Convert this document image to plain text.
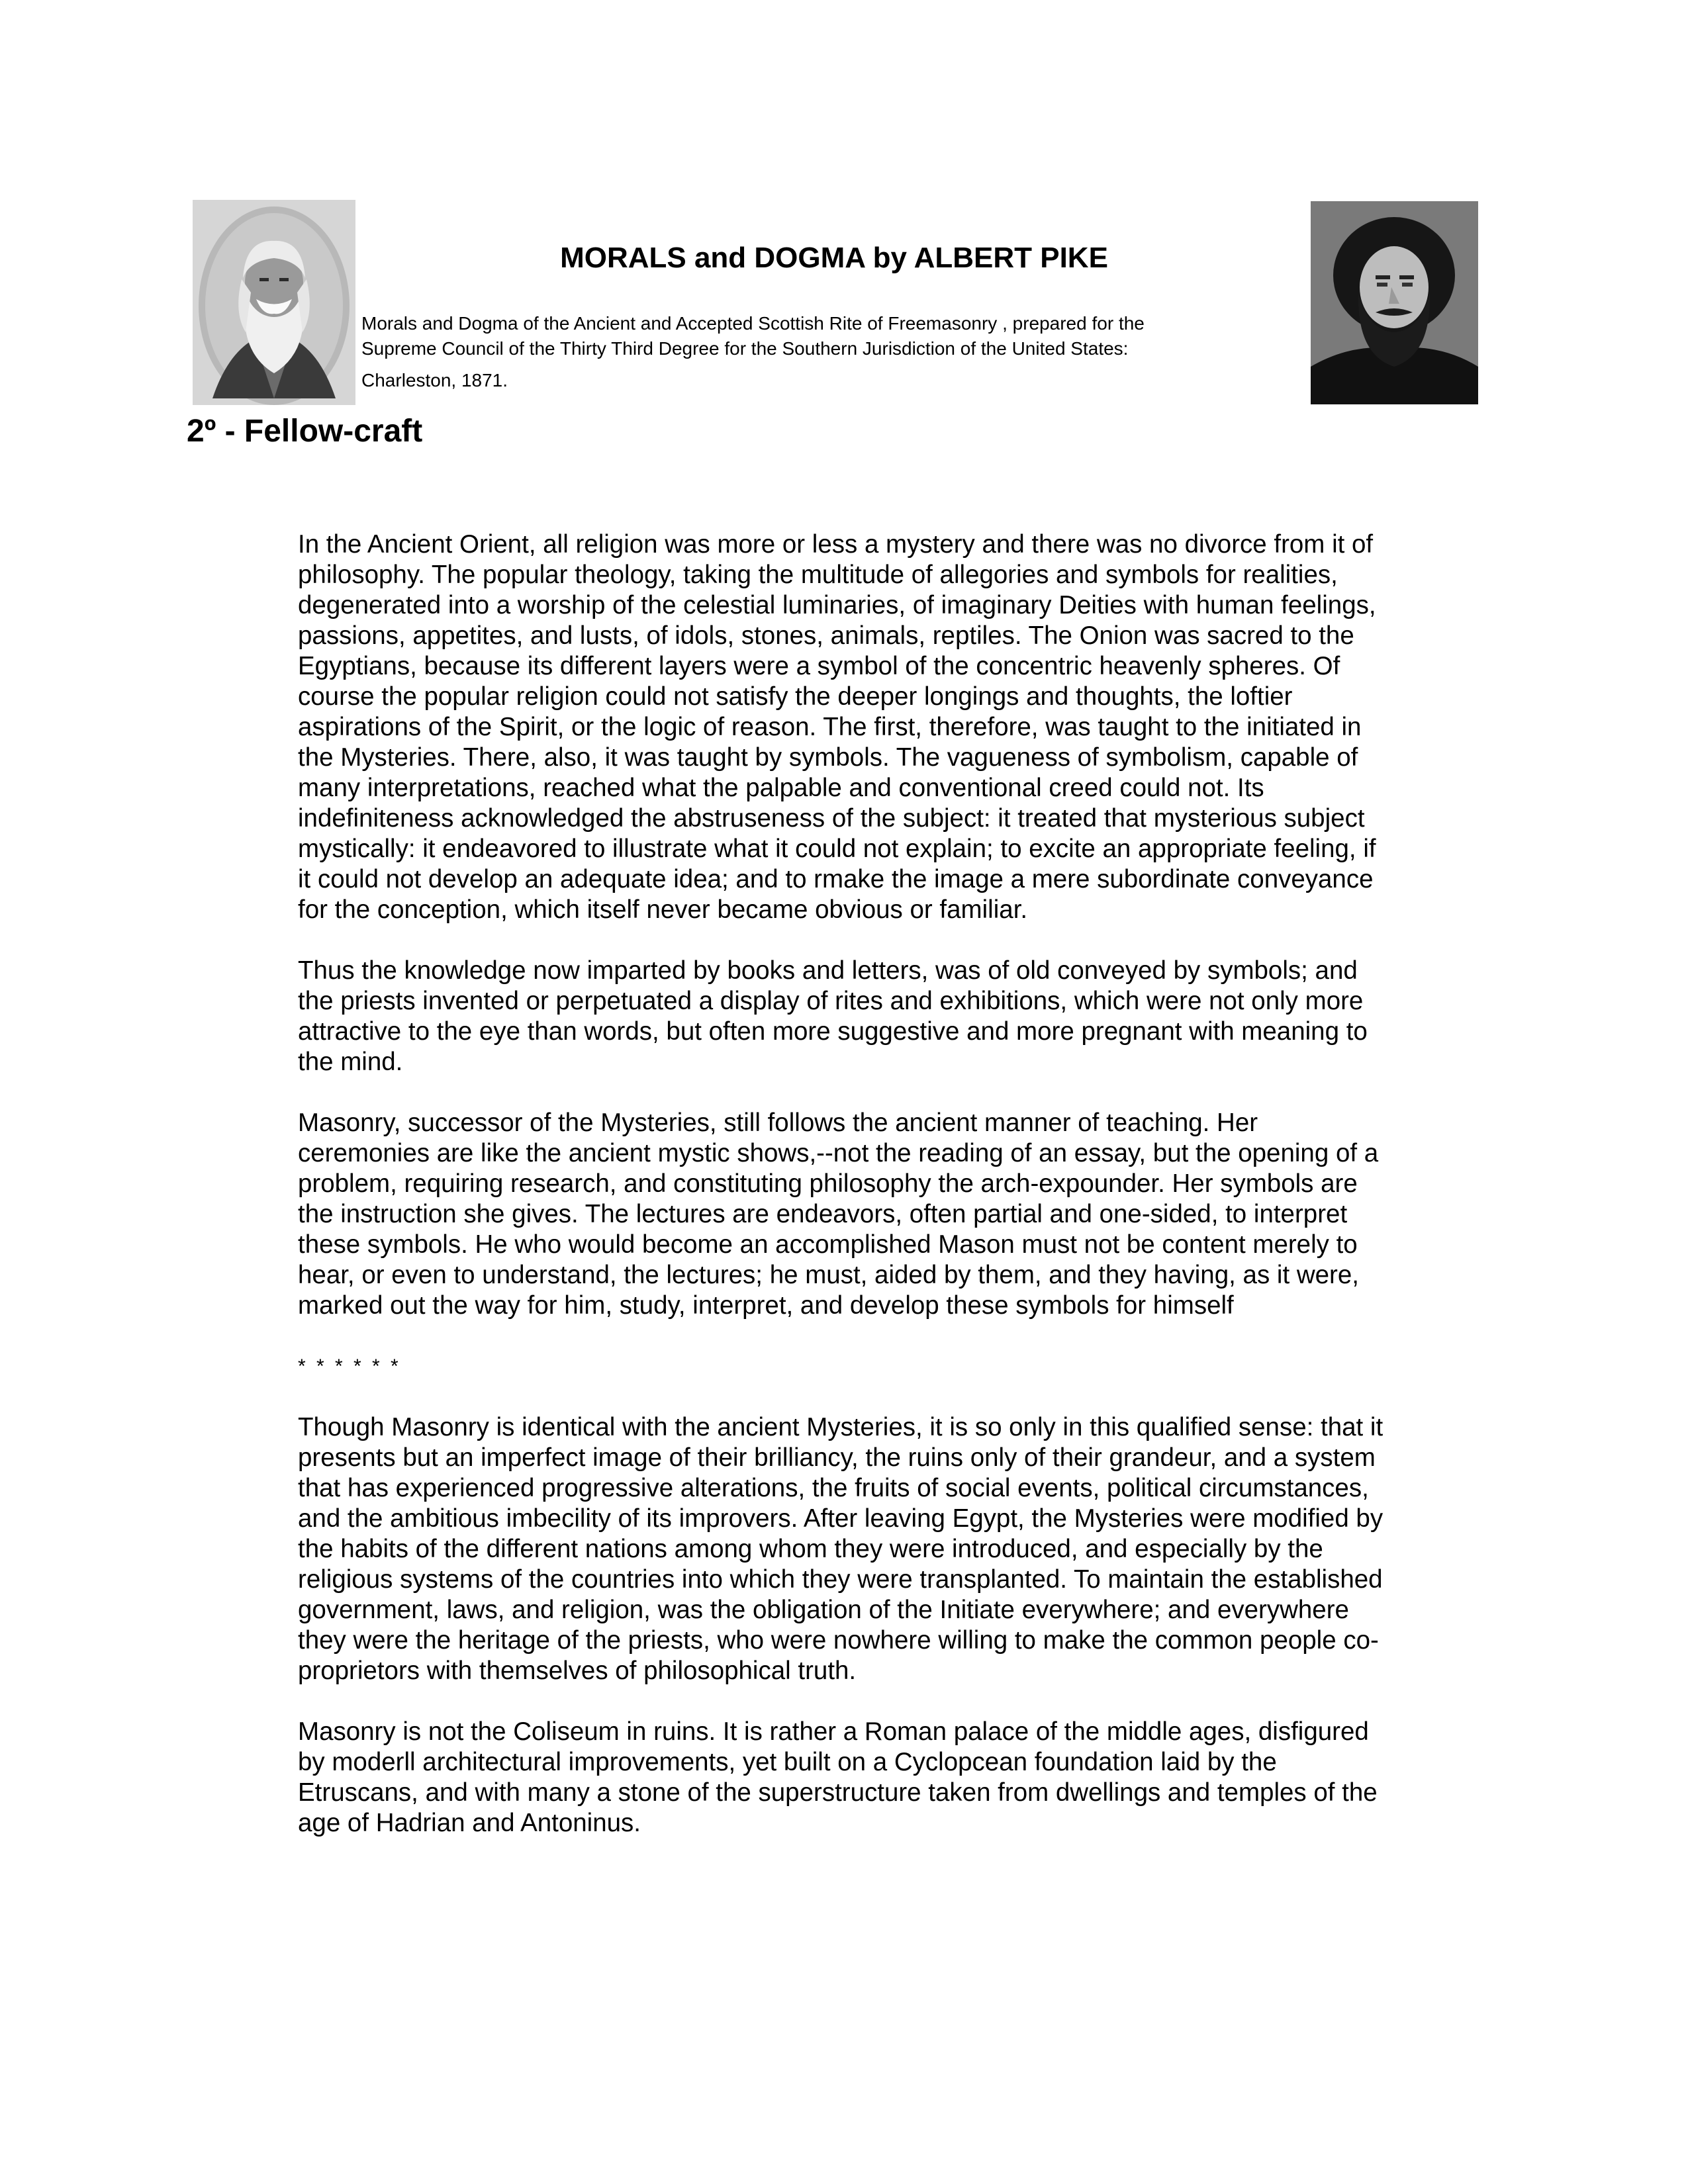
MORALS and DOGMA by ALBERT PIKE

Morals and Dogma of the Ancient and Accepted Scottish Rite of Freemasonry , prepared for the
Supreme Council of the Thirty Third Degree for the Southern Jurisdiction of the United States:

Charleston, 1871.

2º - Fellow-craft

In the Ancient Orient, all religion was more or less a mystery and there was no divorce from it of philosophy. The popular theology, taking the multitude of allegories and symbols for realities, degenerated into a worship of the celestial luminaries, of imaginary Deities with human feelings, passions, appetites, and lusts, of idols, stones, animals, reptiles. The Onion was sacred to the Egyptians, because its different layers were a symbol of the concentric heavenly spheres. Of course the popular religion could not satisfy the deeper longings and thoughts, the loftier aspirations of the Spirit, or the logic of reason. The first, therefore, was taught to the initiated in the Mysteries. There, also, it was taught by symbols. The vagueness of symbolism, capable of many interpretations, reached what the palpable and conventional creed could not. Its indefiniteness acknowledged the abstruseness of the subject: it treated that mysterious subject mystically: it endeavored to illustrate what it could not explain; to excite an appropriate feeling, if it could not develop an adequate idea; and to rmake the image a mere subordinate conveyance for the conception, which itself never became obvious or familiar.

Thus the knowledge now imparted by books and letters, was of old conveyed by symbols; and the priests invented or perpetuated a display of rites and exhibitions, which were not only more attractive to the eye than words, but often more suggestive and more pregnant with meaning to the mind.

Masonry, successor of the Mysteries, still follows the ancient manner of teaching. Her ceremonies are like the ancient mystic shows,--not the reading of an essay, but the opening of a problem, requiring research, and constituting philosophy the arch-expounder. Her symbols are the instruction she gives. The lectures are endeavors, often partial and one-sided, to interpret these symbols. He who would become an accomplished Mason must not be content merely to hear, or even to understand, the lectures; he must, aided by them, and they having, as it were, marked out the way for him, study, interpret, and develop these symbols for himself

* * * * * *

Though Masonry is identical with the ancient Mysteries, it is so only in this qualified sense: that it presents but an imperfect image of their brilliancy, the ruins only of their grandeur, and a system that has experienced progressive alterations, the fruits of social events, political circumstances, and the ambitious imbecility of its improvers. After leaving Egypt, the Mysteries were modified by the habits of the different nations among whom they were introduced, and especially by the religious systems of the countries into which they were transplanted. To maintain the established government, laws, and religion, was the obligation of the Initiate everywhere; and everywhere they were the heritage of the priests, who were nowhere willing to make the common people co-proprietors with themselves of philosophical truth.

Masonry is not the Coliseum in ruins. It is rather a Roman palace of the middle ages, disfigured by moderll architectural improvements, yet built on a Cyclopcean foundation laid by the Etruscans, and with many a stone of the superstructure taken from dwellings and temples of the age of Hadrian and Antoninus.
